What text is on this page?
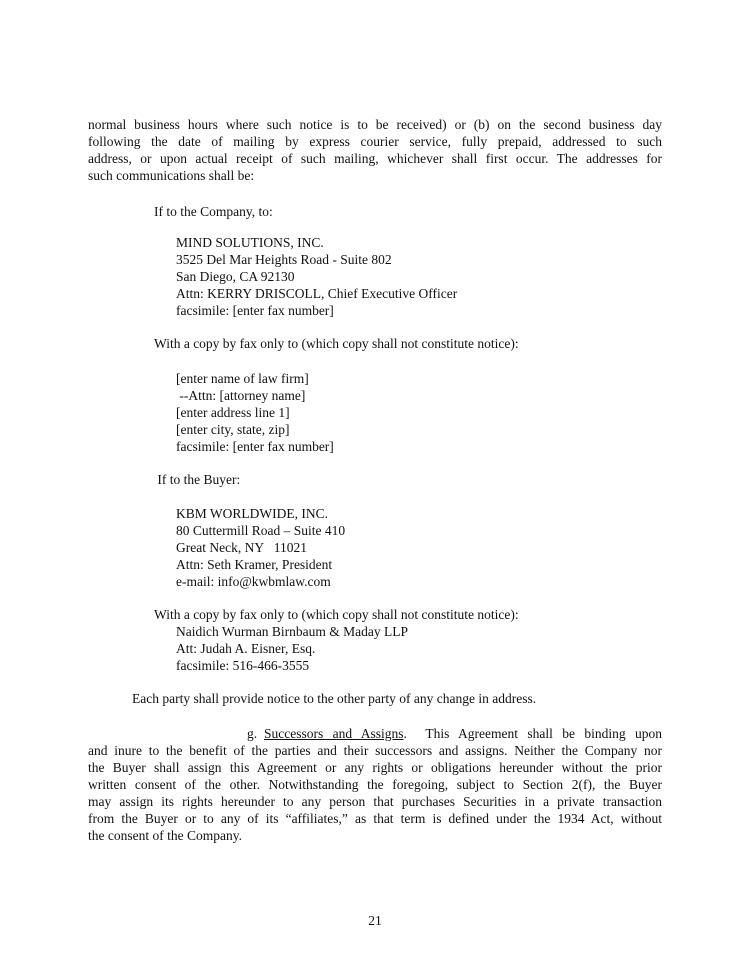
normal business hours where such notice is to be received) or (b) on the second business day
following the date of mailing by express courier service, fully prepaid, addressed to such
address, or upon actual receipt of such mailing, whichever shall first occur. The addresses for
such communications shall be:
If to the Company, to:
MIND SOLUTIONS, INC.
3525 Del Mar Heights Road - Suite 802
San Diego, CA 92130
Attn: KERRY DRISCOLL, Chief Executive Officer
facsimile: [enter fax number]
With a copy by fax only to (which copy shall not constitute notice):
[enter name of law firm]
--Attn: [attorney name]
[enter address line 1]
[enter city, state, zip]
facsimile: [enter fax number]
If to the Buyer:
KBM WORLDWIDE, INC.
80 Cuttermill Road – Suite 410
Great Neck, NY   11021
Attn: Seth Kramer, President
e-mail: info@kwbmlaw.com
With a copy by fax only to (which copy shall not constitute notice):
Naidich Wurman Birnbaum & Maday LLP
Att: Judah A. Eisner, Esq.
facsimile: 516-466-3555
Each party shall provide notice to the other party of any change in address.
g. Successors and Assigns.  This Agreement shall be binding upon
and inure to the benefit of the parties and their successors and assigns. Neither the Company nor
the Buyer shall assign this Agreement or any rights or obligations hereunder without the prior
written consent of the other. Notwithstanding the foregoing, subject to Section 2(f), the Buyer
may assign its rights hereunder to any person that purchases Securities in a private transaction
from the Buyer or to any of its “affiliates,” as that term is defined under the 1934 Act, without
the consent of the Company.
21
